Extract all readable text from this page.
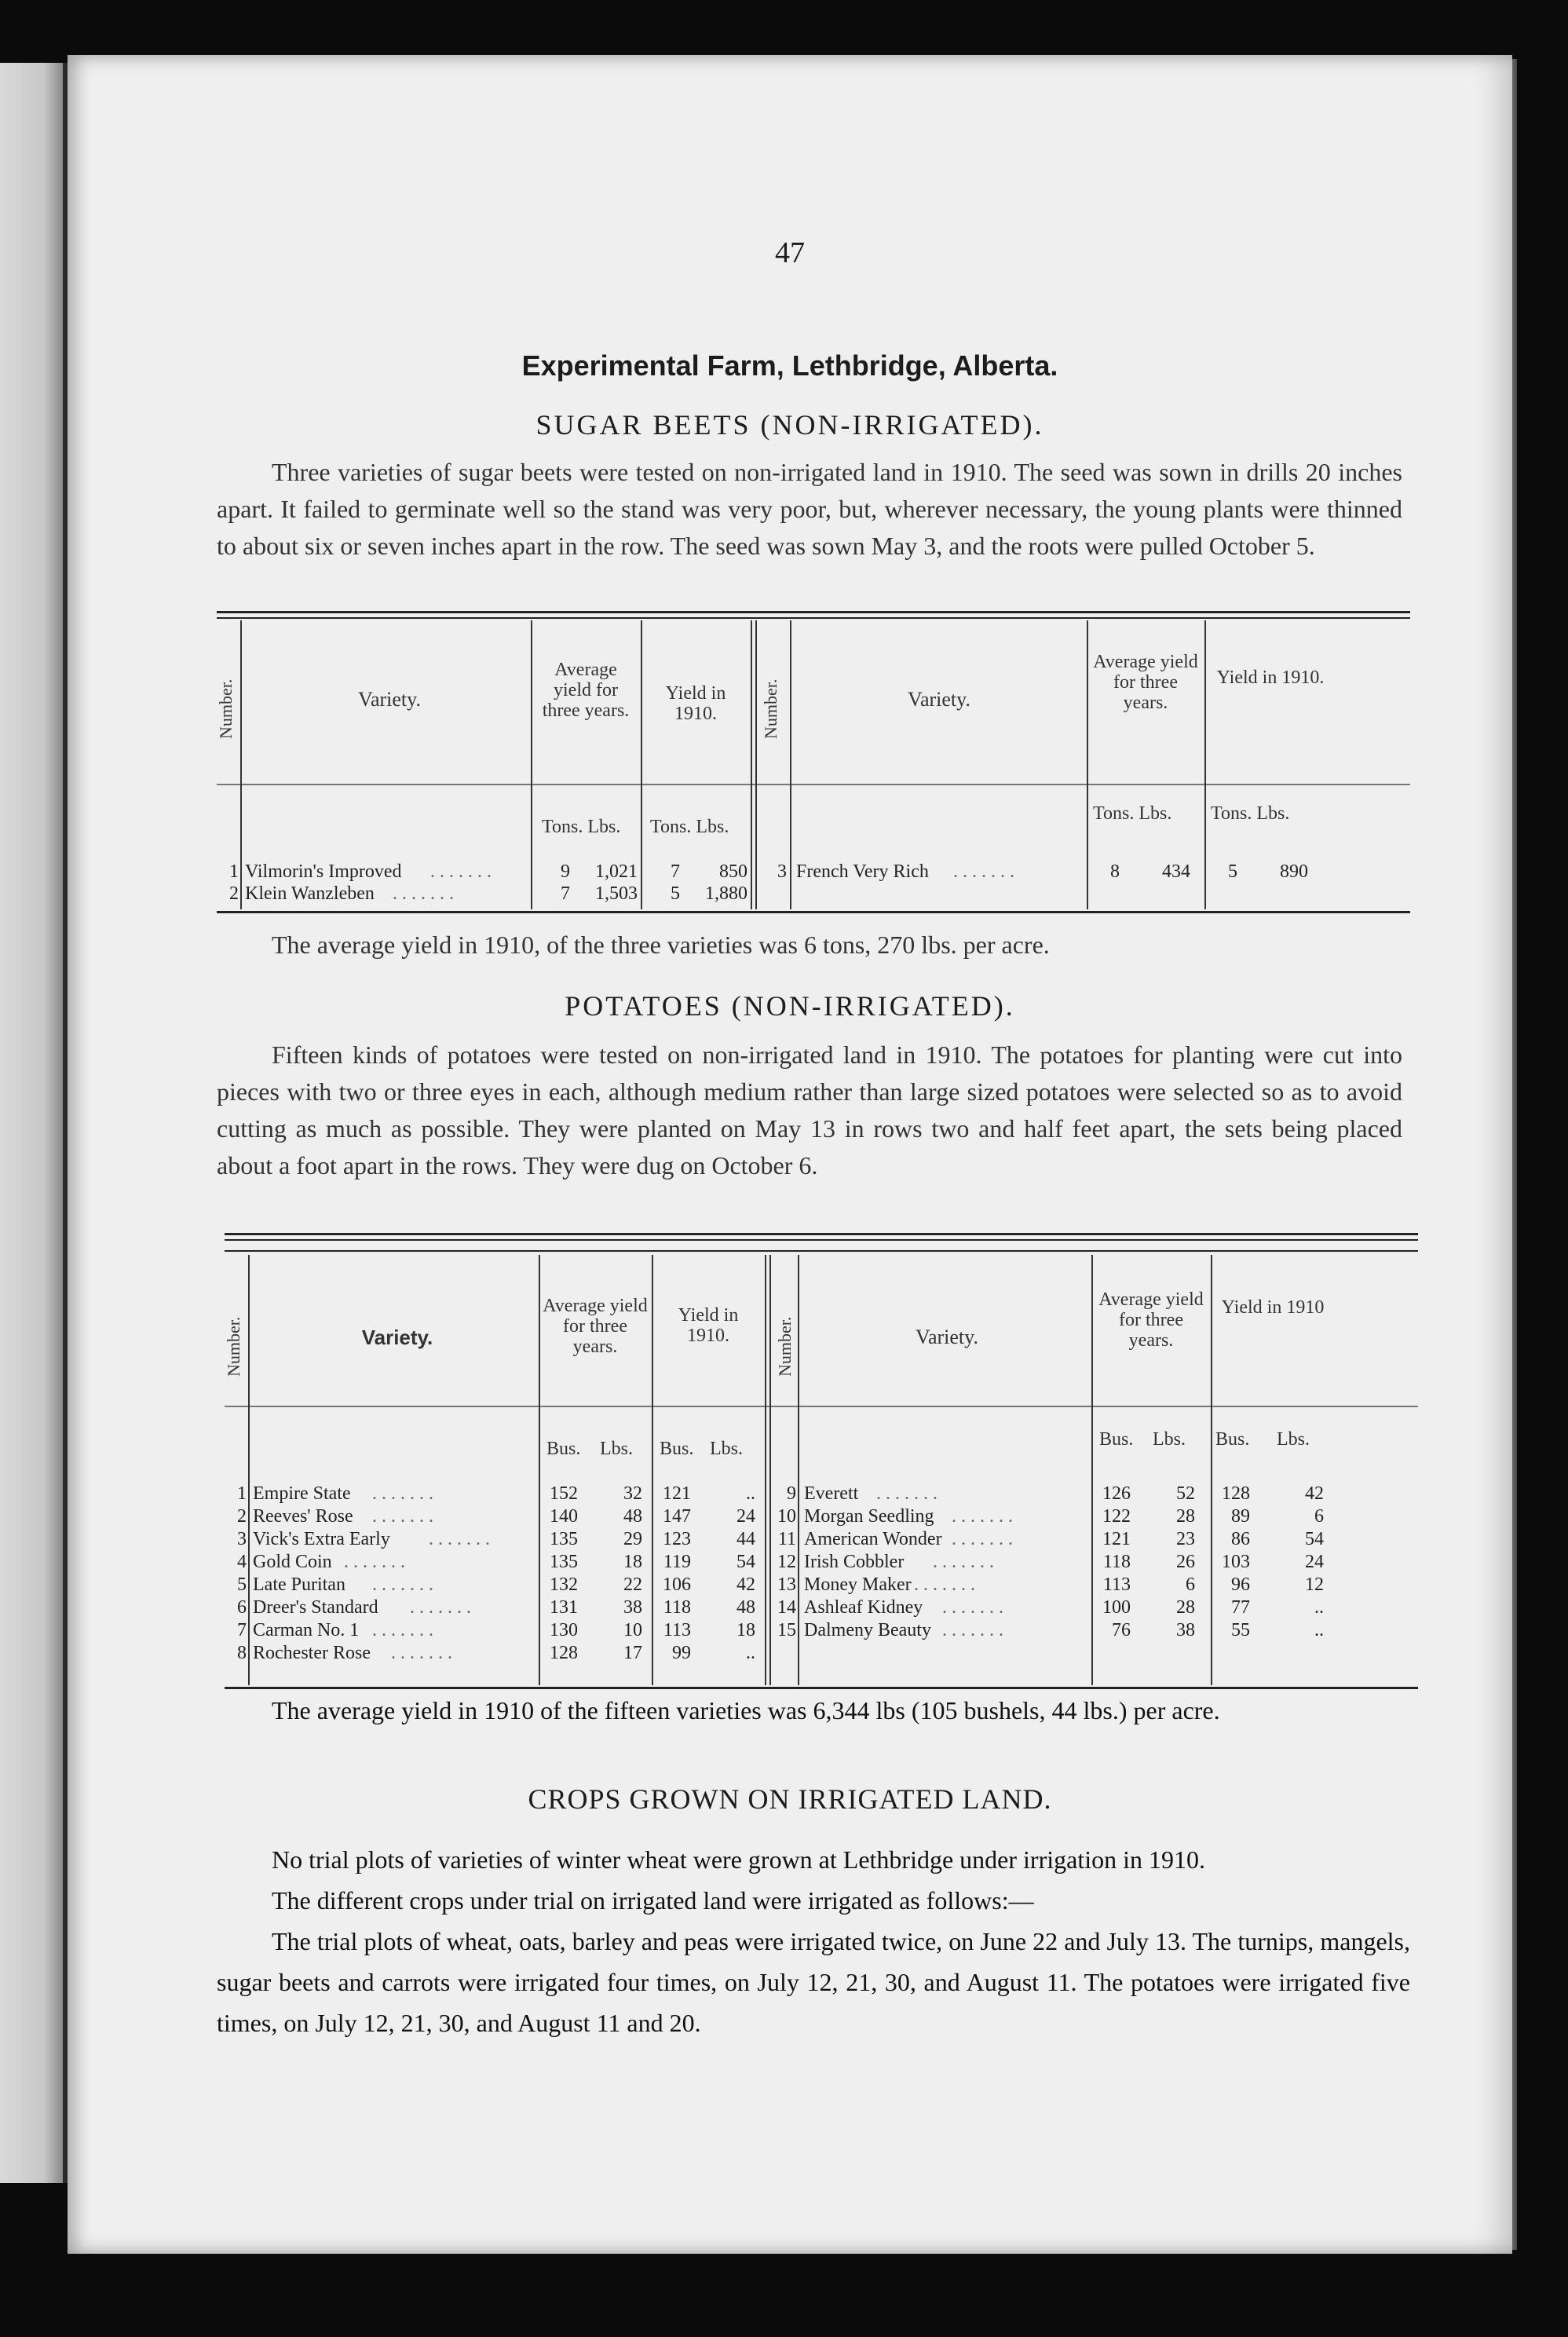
47
Experimental Farm, Lethbridge, Alberta.
SUGAR BEETS (NON-IRRIGATED).

Three varieties of sugar beets were tested on non-irrigated land in 1910. The seed was sown in drills 20 inches apart. It failed to germinate well so the stand was very poor, but, wherever necessary, the young plants were thinned to about six or seven inches apart in the row. The seed was sown May 3, and the roots were pulled October 5.

Number.	Variety.
Average yield for three years.
Yield in 1910.	Number.	Variety.
Average yield for three years.
Yield in 1910.
Tons. Lbs. Tons. Lbs.
Tons. Lbs. Tons. Lbs.
1 Vilmorin's Improved . . . . . . .	9	1,021	7	850
2 Klein Wanzleben . . . . . . .	7	1,503	5	1,880
3 French Very Rich . . . . . . .	8	434	5	890

The average yield in 1910, of the three varieties was 6 tons, 270 lbs. per acre.

POTATOES (NON-IRRIGATED).

Fifteen kinds of potatoes were tested on non-irrigated land in 1910. The potatoes for planting were cut into pieces with two or three eyes in each, although medium rather than large sized potatoes were selected so as to avoid cutting as much as possible. They were planted on May 13 in rows two and half feet apart, the sets being placed about a foot apart in the rows. They were dug on October 6.

Number.	Variety.
Average yield for three years.
Yield in 1910.	Number.	Variety.
Average yield for three years.
Yield in 1910
Bus. Lbs. Bus. Lbs.	Bus. Lbs. Bus. Lbs.
1 Empire State . . . . . . .	152	32	121	..
2 Reeves' Rose . . . . . . .	140	48	147	24
3 Vick's Extra Early . . . . . . .	135	29	123	44
4 Gold Coin . . . . . . .	135	18	119	54
5 Late Puritan . . . . . . .	132	22	106	42
6 Dreer's Standard . . . . . . .	131	38	118	48
7 Carman No. 1 . . . . . . .	130	10	113	18
8 Rochester Rose . . . . . . .	128	17	99	..
9 Everett . . . . . . .	126	52	128	42
10 Morgan Seedling . . . . . . .	122	28	89	6
11 American Wonder . . . . . . .	121	23	86	54
12 Irish Cobbler . . . . . . .	118	26	103	24
13 Money Maker . . . . . . .	113	6	96	12
14 Ashleaf Kidney . . . . . . .	100	28	77	..
15 Dalmeny Beauty . . . . . . .	76	38	55	..

The average yield in 1910 of the fifteen varieties was 6,344 lbs (105 bushels, 44 lbs.) per acre.

CROPS GROWN ON IRRIGATED LAND.

No trial plots of varieties of winter wheat were grown at Lethbridge under irrigation in 1910.

The different crops under trial on irrigated land were irrigated as follows:—

The trial plots of wheat, oats, barley and peas were irrigated twice, on June 22 and July 13. The turnips, mangels, sugar beets and carrots were irrigated four times, on July 12, 21, 30, and August 11. The potatoes were irrigated five times, on July 12, 21, 30, and August 11 and 20.
